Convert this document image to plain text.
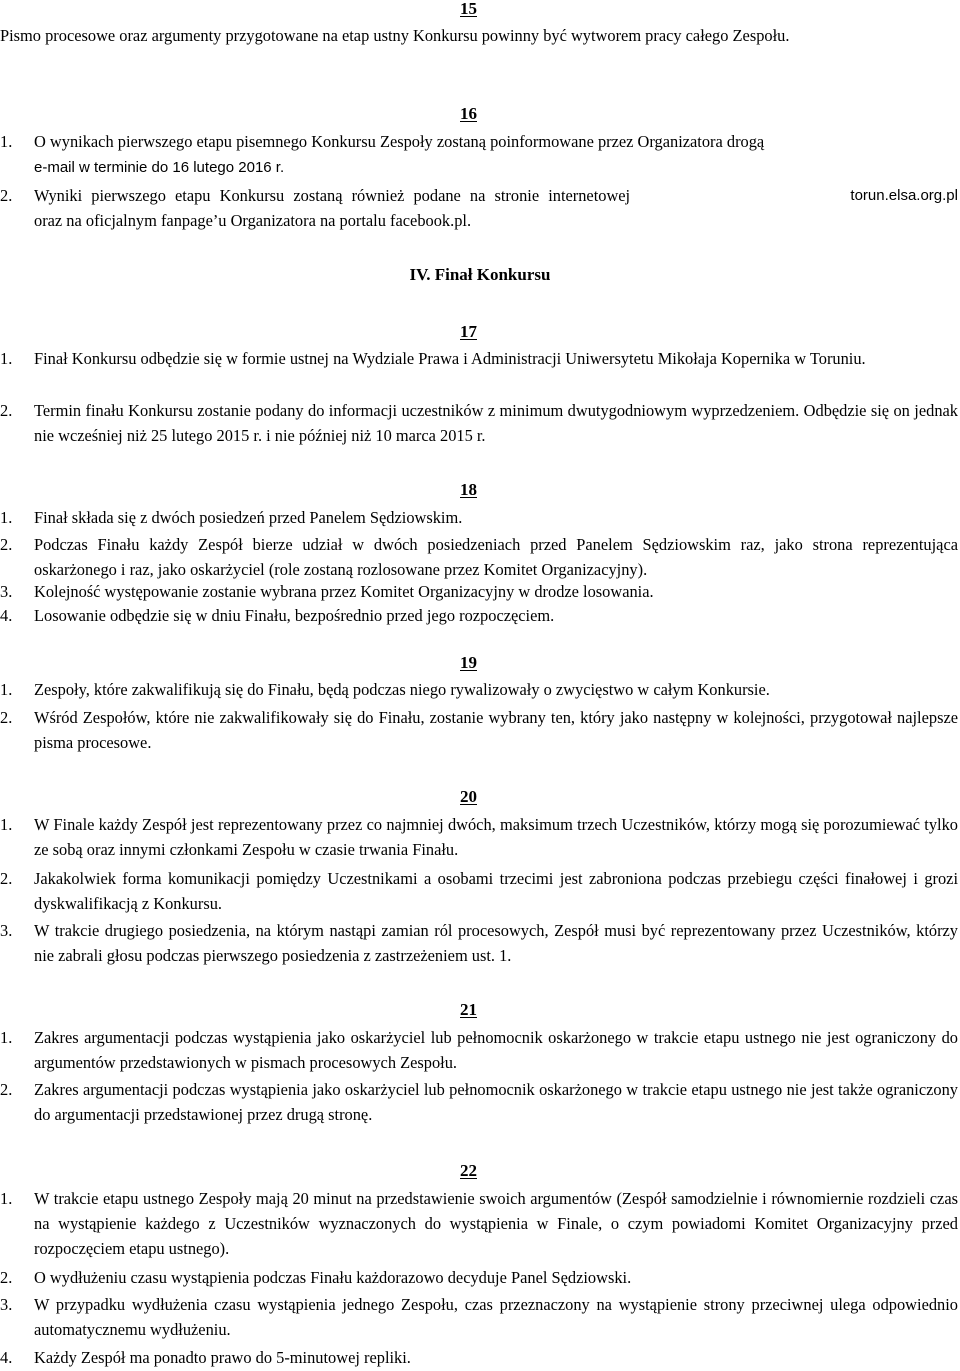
15

Pismo procesowe oraz argumenty przygotowane na etap ustny Konkursu powinny być wytworem pracy całego Zespołu.

16
1.	O wynikach pierwszego etapu pisemnego Konkursu Zespoły zostaną poinformowane przez Organizatora drogą
e-mail w terminie do 16 lutego 2016 r.
2. Wyniki pierwszego etapu Konkursu zostaną również podane na stronie internetowej	torun.elsa.org.pl
oraz na oficjalnym fanpage’u Organizatora na portalu facebook.pl.
IV. Finał Konkursu
17
1.	Finał Konkursu odbędzie się w formie ustnej na Wydziale Prawa i Administracji Uniwersytetu Mikołaja Kopernika w Toruniu.
2.	Termin finału Konkursu zostanie podany do informacji uczestników z minimum dwutygodniowym wyprzedzeniem. Odbędzie się on jednak nie wcześniej niż 25 lutego 2015 r. i nie później niż 10 marca 2015 r.
18
1.	Finał składa się z dwóch posiedzeń przed Panelem Sędziowskim.
2.	Podczas Finału każdy Zespół bierze udział w dwóch posiedzeniach przed Panelem Sędziowskim raz, jako strona reprezentująca oskarżonego i raz, jako oskarżyciel (role zostaną rozlosowane przez Komitet Organizacyjny).
3.	Kolejność występowanie zostanie wybrana przez Komitet Organizacyjny w drodze losowania.
4.	Losowanie odbędzie się w dniu Finału, bezpośrednio przed jego rozpoczęciem.
19
1.	Zespoły, które zakwalifikują się do Finału, będą podczas niego rywalizowały o zwycięstwo w całym Konkursie.
2.	Wśród Zespołów, które nie zakwalifikowały się do Finału, zostanie wybrany ten, który jako następny w kolejności, przygotował najlepsze pisma procesowe.
20
1.	W Finale każdy Zespół jest reprezentowany przez co najmniej dwóch, maksimum trzech Uczestników, którzy mogą się porozumiewać tylko ze sobą oraz innymi członkami Zespołu w czasie trwania Finału.
2.	Jakakolwiek forma komunikacji pomiędzy Uczestnikami a osobami trzecimi jest zabroniona podczas przebiegu części finałowej i grozi dyskwalifikacją z Konkursu.
3.	W trakcie drugiego posiedzenia, na którym nastąpi zamian ról procesowych, Zespół musi być reprezentowany przez Uczestników, którzy nie zabrali głosu podczas pierwszego posiedzenia z zastrzeżeniem ust. 1.
21
1.	Zakres argumentacji podczas wystąpienia jako oskarżyciel lub pełnomocnik oskarżonego w trakcie etapu ustnego nie jest ograniczony do argumentów przedstawionych w pismach procesowych Zespołu.
2.	Zakres argumentacji podczas wystąpienia jako oskarżyciel lub pełnomocnik oskarżonego w trakcie etapu ustnego nie jest także ograniczony do argumentacji przedstawionej przez drugą stronę.
22
1.	W trakcie etapu ustnego Zespoły mają 20 minut na przedstawienie swoich argumentów (Zespół samodzielnie i równomiernie rozdzieli czas na wystąpienie każdego z Uczestników wyznaczonych do wystąpienia w Finale, o czym powiadomi Komitet Organizacyjny przed rozpoczęciem etapu ustnego).
2.	O wydłużeniu czasu wystąpienia podczas Finału każdorazowo decyduje Panel Sędziowski.
3.	W przypadku wydłużenia czasu wystąpienia jednego Zespołu, czas przeznaczony na wystąpienie strony przeciwnej ulega odpowiednio automatycznemu wydłużeniu.
4.	Każdy Zespół ma ponadto prawo do 5-minutowej repliki.
